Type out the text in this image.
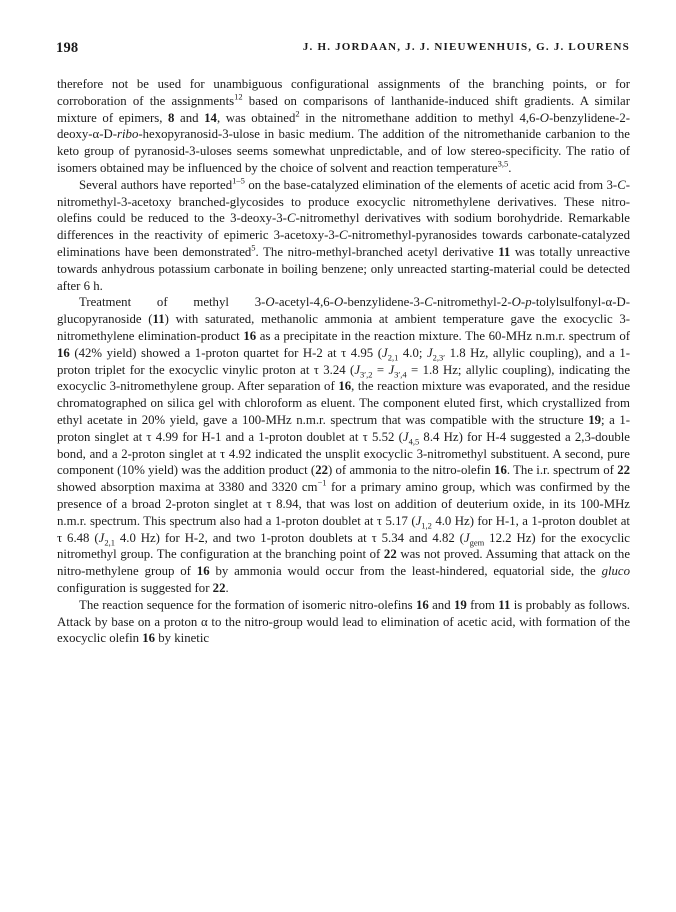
198	J. H. JORDAAN, J. J. NIEUWENHUIS, G. J. LOURENS

therefore not be used for unambiguous configurational assignments of the branching points, or for corroboration of the assignments$^{12}$ based on comparisons of lanthanide-induced shift gradients. A similar mixture of epimers, 8 and 14, was obtained$^2$ in the nitromethane addition to methyl 4,6-O-benzylidene-2-deoxy-α-D-ribo-hexopyranosid-3-ulose in basic medium. The addition of the nitromethanide carbanion to the keto group of pyranosid-3-uloses seems somewhat unpredictable, and of low stereo-specificity. The ratio of isomers obtained may be influenced by the choice of solvent and reaction temperature$^{3,5}$.

Several authors have reported$^{1-5}$ on the base-catalyzed elimination of the elements of acetic acid from 3-C-nitromethyl-3-acetoxy branched-glycosides to produce exocyclic nitromethylene derivatives. These nitro-olefins could be reduced to the 3-deoxy-3-C-nitromethyl derivatives with sodium borohydride. Remarkable differences in the reactivity of epimeric 3-acetoxy-3-C-nitromethyl-pyranosides towards carbonate-catalyzed eliminations have been demonstrated$^5$. The nitro-methyl-branched acetyl derivative 11 was totally unreactive towards anhydrous potassium carbonate in boiling benzene; only unreacted starting-material could be detected after 6 h.

Treatment of methyl 3-O-acetyl-4,6-O-benzylidene-3-C-nitromethyl-2-O-p-tolylsulfonyl-α-D-glucopyranoside (11) with saturated, methanolic ammonia at ambient temperature gave the exocyclic 3-nitromethylene elimination-product 16 as a precipitate in the reaction mixture. The 60-MHz n.m.r. spectrum of 16 (42% yield) showed a 1-proton quartet for H-2 at τ 4.95 ($J_{2,1}$ 4.0; $J_{2,3'}$ 1.8 Hz, allylic coupling), and a 1-proton triplet for the exocyclic vinylic proton at τ 3.24 ($J_{3',2} = J_{3',4} = 1.8$ Hz; allylic coupling), indicating the exocyclic 3-nitromethylene group. After separation of 16, the reaction mixture was evaporated, and the residue chromatographed on silica gel with chloroform as eluent. The component eluted first, which crystallized from ethyl acetate in 20% yield, gave a 100-MHz n.m.r. spectrum that was compatible with the structure 19; a 1-proton singlet at τ 4.99 for H-1 and a 1-proton doublet at τ 5.52 ($J_{4,5}$ 8.4 Hz) for H-4 suggested a 2,3-double bond, and a 2-proton singlet at τ 4.92 indicated the unsplit exocyclic 3-nitromethyl substituent. A second, pure component (10% yield) was the addition product (22) of ammonia to the nitro-olefin 16. The i.r. spectrum of 22 showed absorption maxima at 3380 and 3320 $cm^{-1}$ for a primary amino group, which was confirmed by the presence of a broad 2-proton singlet at τ 8.94, that was lost on addition of deuterium oxide, in its 100-MHz n.m.r. spectrum. This spectrum also had a 1-proton doublet at τ 5.17 ($J_{1,2}$ 4.0 Hz) for H-1, a 1-proton doublet at τ 6.48 ($J_{2,1}$ 4.0 Hz) for H-2, and two 1-proton doublets at τ 5.34 and 4.82 ($J_{gem}$ 12.2 Hz) for the exocyclic nitromethyl group. The configuration at the branching point of 22 was not proved. Assuming that attack on the nitro-methylene group of 16 by ammonia would occur from the least-hindered, equatorial side, the gluco configuration is suggested for 22.

The reaction sequence for the formation of isomeric nitro-olefins 16 and 19 from 11 is probably as follows. Attack by base on a proton α to the nitro-group would lead to elimination of acetic acid, with formation of the exocyclic olefin 16 by kinetic
